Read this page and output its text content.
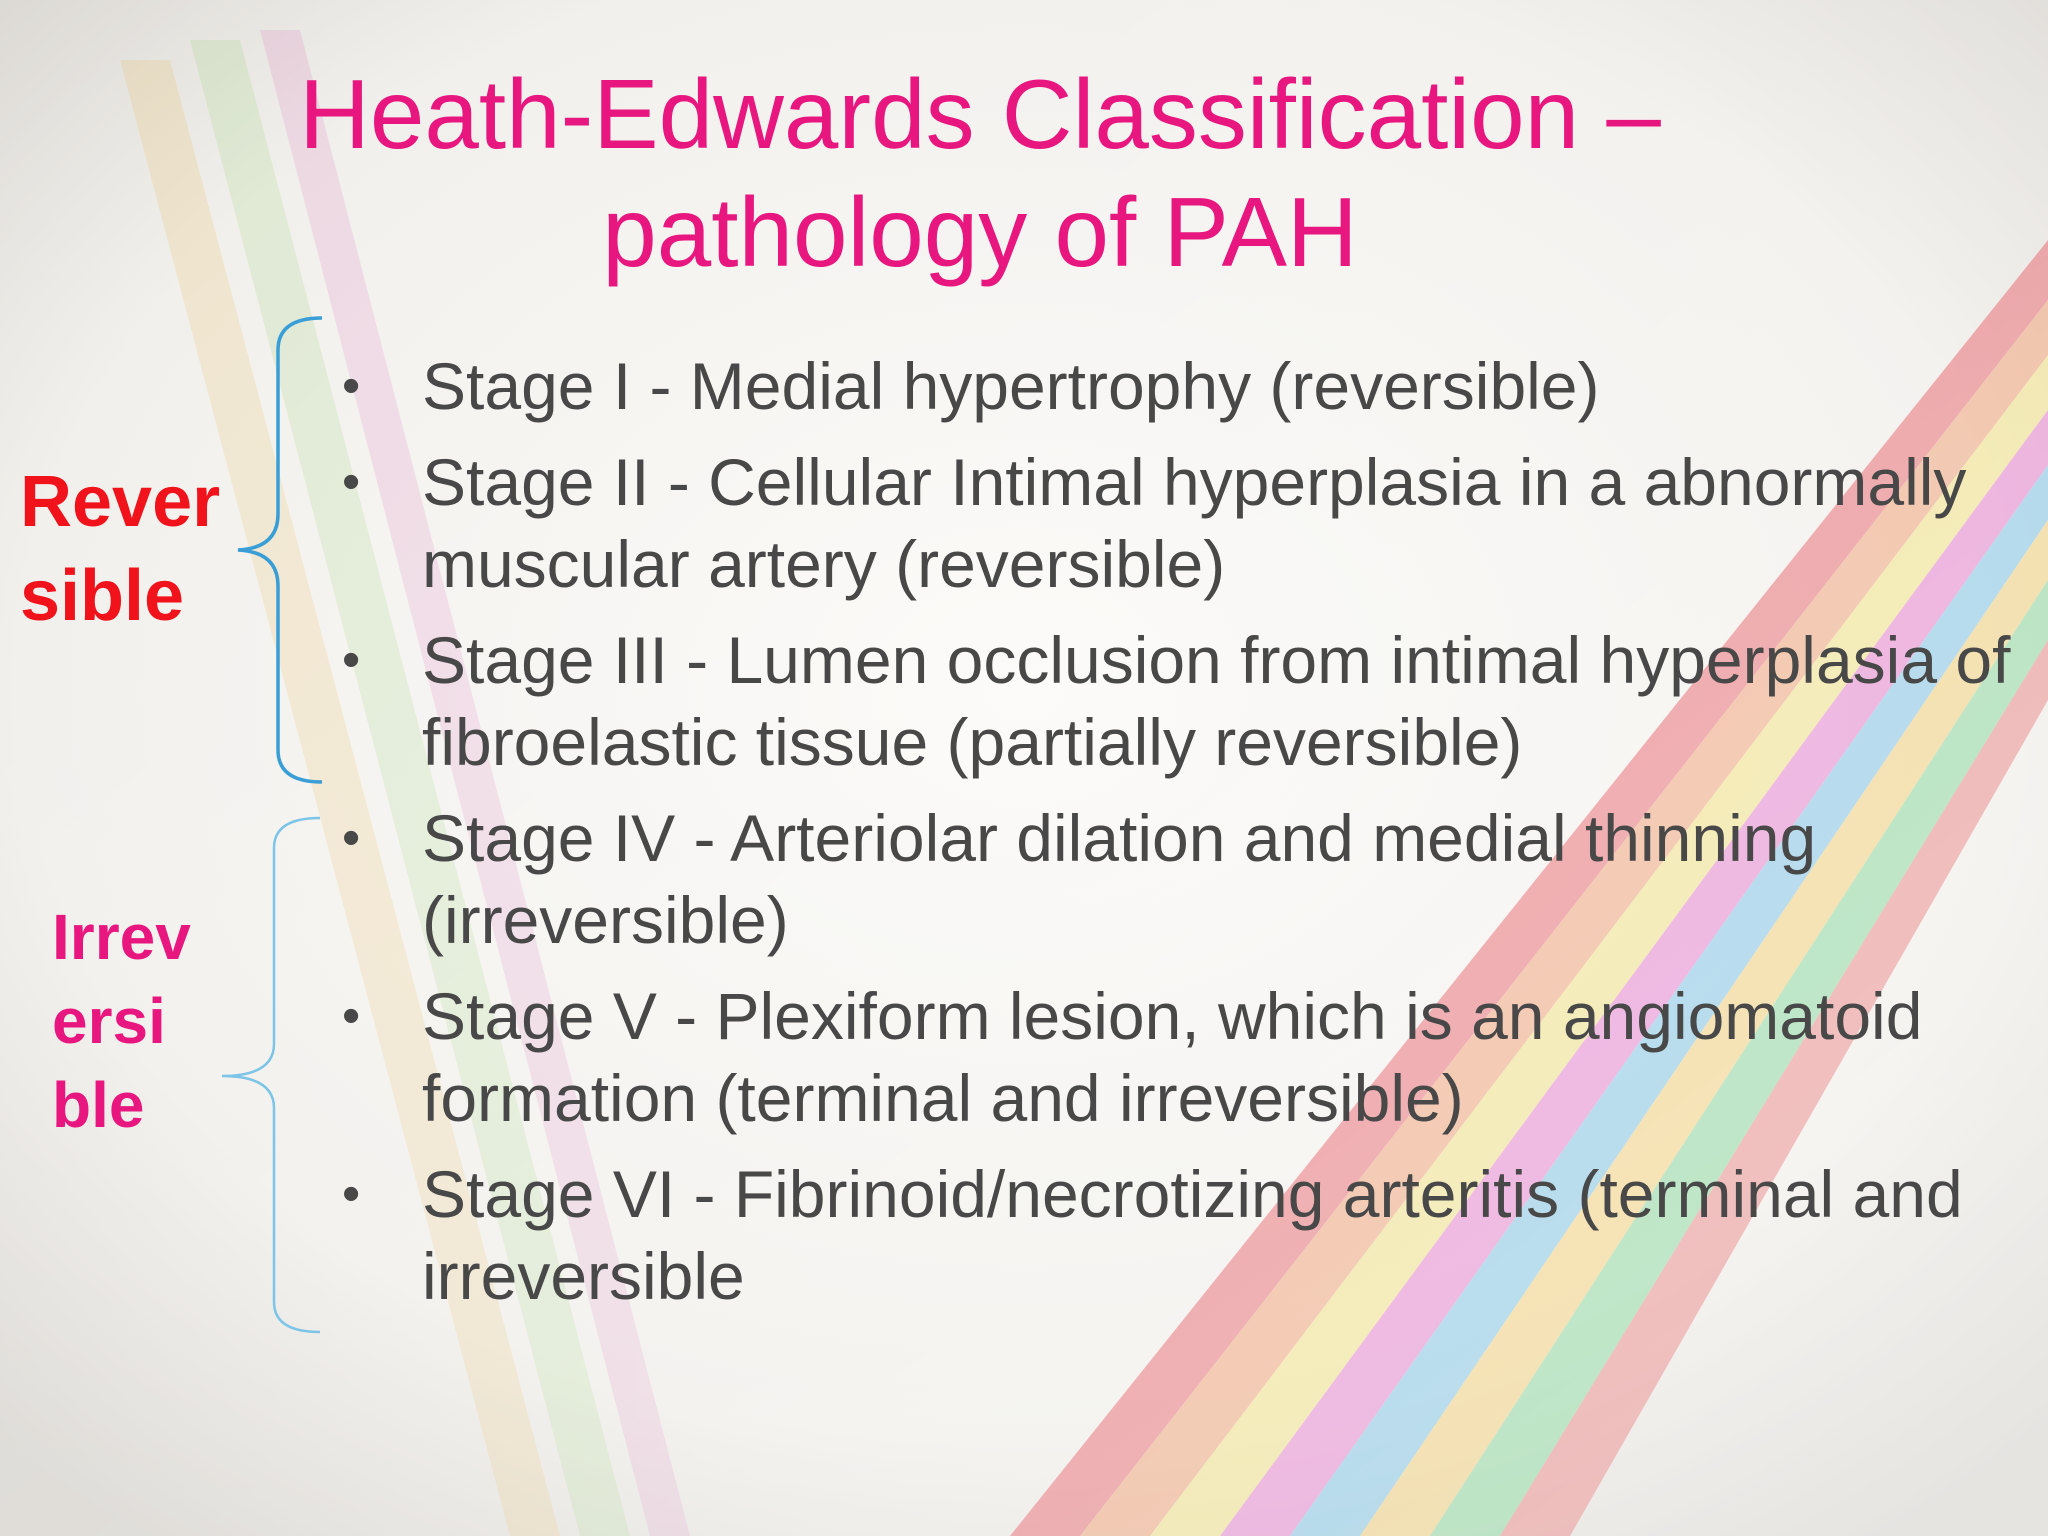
Heath-Edwards Classification –
pathology of PAH

Rever
sible

Irrev
ersi
ble

• Stage I - Medial hypertrophy (reversible)
• Stage II - Cellular Intimal hyperplasia in a abnormally muscular artery (reversible)
• Stage III - Lumen occlusion from intimal hyperplasia of fibroelastic tissue (partially reversible)
• Stage IV - Arteriolar dilation and medial thinning (irreversible)
• Stage V - Plexiform lesion, which is an angiomatoid formation (terminal and irreversible)
• Stage VI - Fibrinoid/necrotizing arteritis (terminal and irreversible
